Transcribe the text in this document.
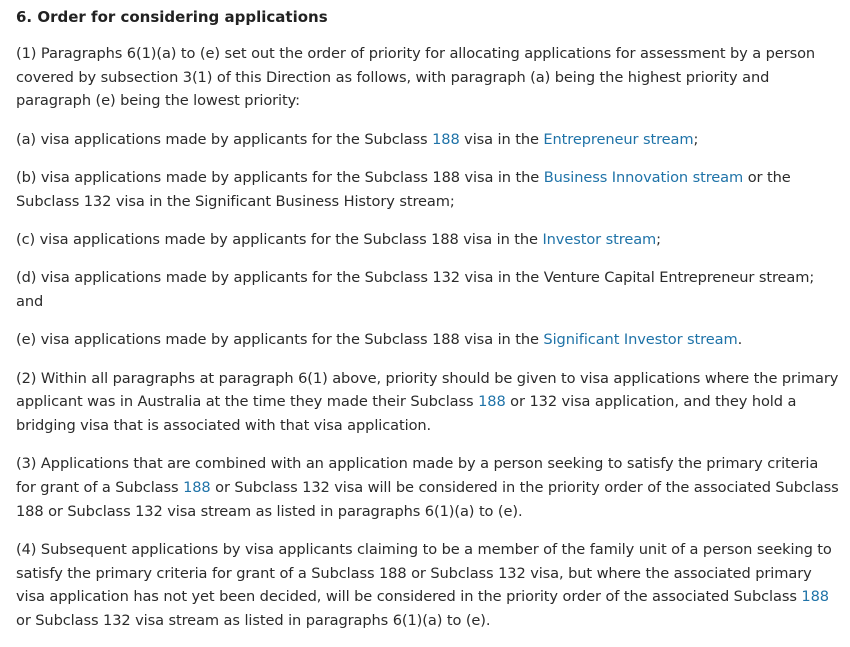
6. Order for considering applications

(1) Paragraphs 6(1)(a) to (e) set out the order of priority for allocating applications for assessment by a person covered by subsection 3(1) of this Direction as follows, with paragraph (a) being the highest priority and paragraph (e) being the lowest priority:

(a) visa applications made by applicants for the Subclass 188 visa in the Entrepreneur stream;

(b) visa applications made by applicants for the Subclass 188 visa in the Business Innovation stream or the Subclass 132 visa in the Significant Business History stream;

(c) visa applications made by applicants for the Subclass 188 visa in the Investor stream;

(d) visa applications made by applicants for the Subclass 132 visa in the Venture Capital Entrepreneur stream; and

(e) visa applications made by applicants for the Subclass 188 visa in the Significant Investor stream.

(2) Within all paragraphs at paragraph 6(1) above, priority should be given to visa applications where the primary applicant was in Australia at the time they made their Subclass 188 or 132 visa application, and they hold a bridging visa that is associated with that visa application.

(3) Applications that are combined with an application made by a person seeking to satisfy the primary criteria for grant of a Subclass 188 or Subclass 132 visa will be considered in the priority order of the associated Subclass 188 or Subclass 132 visa stream as listed in paragraphs 6(1)(a) to (e).

(4) Subsequent applications by visa applicants claiming to be a member of the family unit of a person seeking to satisfy the primary criteria for grant of a Subclass 188 or Subclass 132 visa, but where the associated primary visa application has not yet been decided, will be considered in the priority order of the associated Subclass 188 or Subclass 132 visa stream as listed in paragraphs 6(1)(a) to (e).
